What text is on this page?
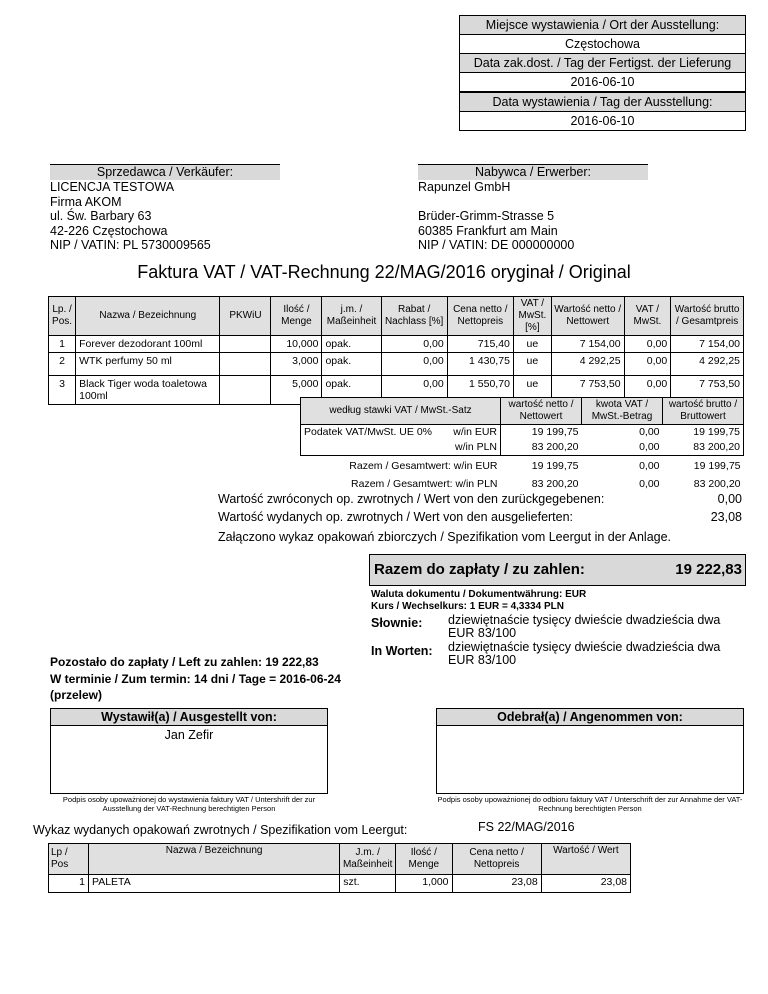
Miejsce wystawienia / Ort der Ausstellung:
Częstochowa
Data zak.dost. / Tag der Fertigst. der Lieferung
2016-06-10
Data wystawienia / Tag der Ausstellung:
2016-06-10
Sprzedawca / Verkäufer:
LICENCJA TESTOWA
Firma AKOM
ul. Św. Barbary 63
42-226 Częstochowa
NIP / VATIN: PL 5730009565
Nabywca / Erwerber:
Rapunzel GmbH
Brüder-Grimm-Strasse 5
60385 Frankfurt am Main
NIP / VATIN: DE 000000000
Faktura VAT / VAT-Rechnung 22/MAG/2016 oryginał / Original
Lp. / Pos.	Nazwa / Bezeichnung	PKWiU	Ilość / Menge	j.m. / Maßeinheit	Rabat / Nachlass [%]	Cena netto / Nettopreis	VAT / MwSt. [%]	Wartość netto / Nettowert	VAT / MwSt.	Wartość brutto / Gesamtpreis
1	Forever dezodorant 100ml		10,000	opak.	0,00	715,40	ue	7 154,00	0,00	7 154,00
2	WTK perfumy 50 ml		3,000	opak.	0,00	1 430,75	ue	4 292,25	0,00	4 292,25
3	Black Tiger woda toaletowa 100ml		5,000	opak.	0,00	1 550,70	ue	7 753,50	0,00	7 753,50
według stawki VAT / MwSt.-Satz		wartość netto / Nettowert	kwota VAT / MwSt.-Betrag	wartość brutto / Bruttowert
Podatek VAT/MwSt. UE 0%	w/in EUR	19 199,75	0,00	19 199,75
	w/in PLN	83 200,20	0,00	83 200,20
Razem / Gesamtwert: w/in EUR		19 199,75	0,00	19 199,75
Razem / Gesamtwert: w/in PLN		83 200,20	0,00	83 200,20
Wartość zwróconych op. zwrotnych / Wert von den zurückgegebenen:	0,00
Wartość wydanych op. zwrotnych / Wert von den ausgelieferten:	23,08
Załączono wykaz opakowań zbiorczych / Spezifikation vom Leergut in der Anlage.
Razem do zapłaty / zu zahlen:	19 222,83
Waluta dokumentu / Dokumentwährung: EUR
Kurs / Wechselkurs: 1 EUR = 4,3334 PLN
Słownie: dziewiętnaście tysięcy dwieście dwadzieścia dwa EUR 83/100
In Worten: dziewiętnaście tysięcy dwieście dwadzieścia dwa EUR 83/100
Pozostało do zapłaty / Left zu zahlen: 19 222,83
W terminie / Zum termin: 14 dni / Tage = 2016-06-24
(przelew)
Wystawił(a) / Ausgestellt von:
Jan Zefir
Podpis osoby upoważnionej do wystawienia faktury VAT / Untershrift der zur Ausstellung der VAT-Rechnung berechtigten Person
Odebrał(a) / Angenommen von:
Podpis osoby upoważnionej do odbioru faktury VAT / Unterschrift der zur Annahme der VAT-Rechnung berechtigten Person
Wykaz wydanych opakowań zwrotnych / Spezifikation vom Leergut:	FS 22/MAG/2016
Lp / Pos	Nazwa / Bezeichnung	J.m. / Maßeinheit	Ilość / Menge	Cena netto / Nettopreis	Wartość / Wert
1	PALETA	szt.	1,000	23,08	23,08
